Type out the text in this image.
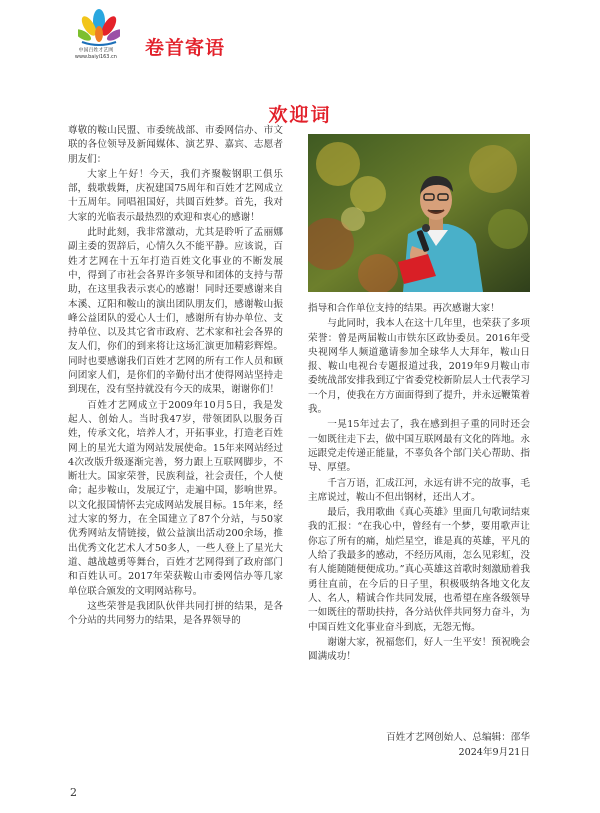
中国百姓才艺网
www.baiyi163.cn	卷首寄语
欢迎词

尊敬的鞍山民盟、市委统战部、市委网信办、市文联的各位领导及新闻媒体、演艺界、嘉宾、志愿者朋友们：

大家上午好！今天，我们齐聚鞍钢职工俱乐部，载歌载舞，庆祝建国75周年和百姓才艺网成立十五周年。同唱祖国好，共圆百姓梦。首先，我对大家的光临表示最热烈的欢迎和衷心的感谢！

此时此刻，我非常激动，尤其是聆听了孟丽娜副主委的贺辞后，心情久久不能平静。应该说，百姓才艺网在十五年打造百姓文化事业的不断发展中，得到了市社会各界许多领导和团体的支持与帮助，在这里我表示衷心的感谢！同时还要感谢来自本溪、辽阳和鞍山的演出团队朋友们，感谢鞍山振峰公益团队的爱心人士们，感谢所有协办单位、支持单位、以及其它省市政府、艺术家和社会各界的友人们，你们的到来将让这场汇演更加精彩辉煌。同时也要感谢我们百姓才艺网的所有工作人员和顾问团家人们，是你们的辛勤付出才使得网站坚持走到现在，没有坚持就没有今天的成果，谢谢你们！

百姓才艺网成立于2009年10月5日，我是发起人、创始人。当时我47岁，带领团队以服务百姓，传承文化，培养人才，开拓事业，打造老百姓网上的星光大道为网站发展使命。15年来网站经过4次改版升级逐渐完善，努力跟上互联网脚步，不断壮大。国家荣誉，民族利益，社会责任，个人使命；起步鞍山，发展辽宁，走遍中国，影响世界。以文化报国情怀去完成网站发展目标。15年来，经过大家的努力，在全国建立了87个分站，与50家优秀网站友情链接，做公益演出活动200余场，推出优秀文化艺术人才50多人，一些人登上了星光大道、越战越勇等舞台，百姓才艺网得到了政府部门和百姓认可。2017年荣获鞍山市委网信办等几家单位联合颁发的文明网站称号。

这些荣誉是我团队伙伴共同打拼的结果，是各个分站的共同努力的结果，是各界领导的

指导和合作单位支持的结果。再次感谢大家！

与此同时，我本人在这十几年里，也荣获了多项荣誉：曾是两届鞍山市铁东区政协委员。2016年受央视网华人频道邀请参加全球华人大拜年，鞍山日报、鞍山电视台专题报道过我，2019年9月鞍山市委统战部安排我到辽宁省委党校新阶层人士代表学习一个月，使我在方方面面得到了提升，并永远鞭策着我。

一晃15年过去了，我在感到担子重的同时还会一如既往走下去，做中国互联网最有文化的阵地。永远跟党走传递正能量，不辜负各个部门关心帮助、指导、厚望。

千言万语，汇成江河，永远有讲不完的故事，毛主席说过，鞍山不但出钢材，还出人才。

最后，我用歌曲《真心英雄》里面几句歌词结束我的汇报：“在我心中，曾经有一个梦，要用歌声让你忘了所有的痛，灿烂星空，谁是真的英雄，平凡的人给了我最多的感动，不经历风雨，怎么见彩虹，没有人能随随便便成功。”真心英雄这首歌时刻激励着我勇往直前，在今后的日子里，积极吸纳各地文化友人、名人，精诚合作共同发展，也希望在座各级领导一如既往的帮助扶持，各分站伙伴共同努力奋斗，为中国百姓文化事业奋斗到底，无怨无悔。

谢谢大家，祝福您们，好人一生平安！预祝晚会圆满成功！

百姓才艺网创始人、总编辑：邵华
2024年9月21日
2
